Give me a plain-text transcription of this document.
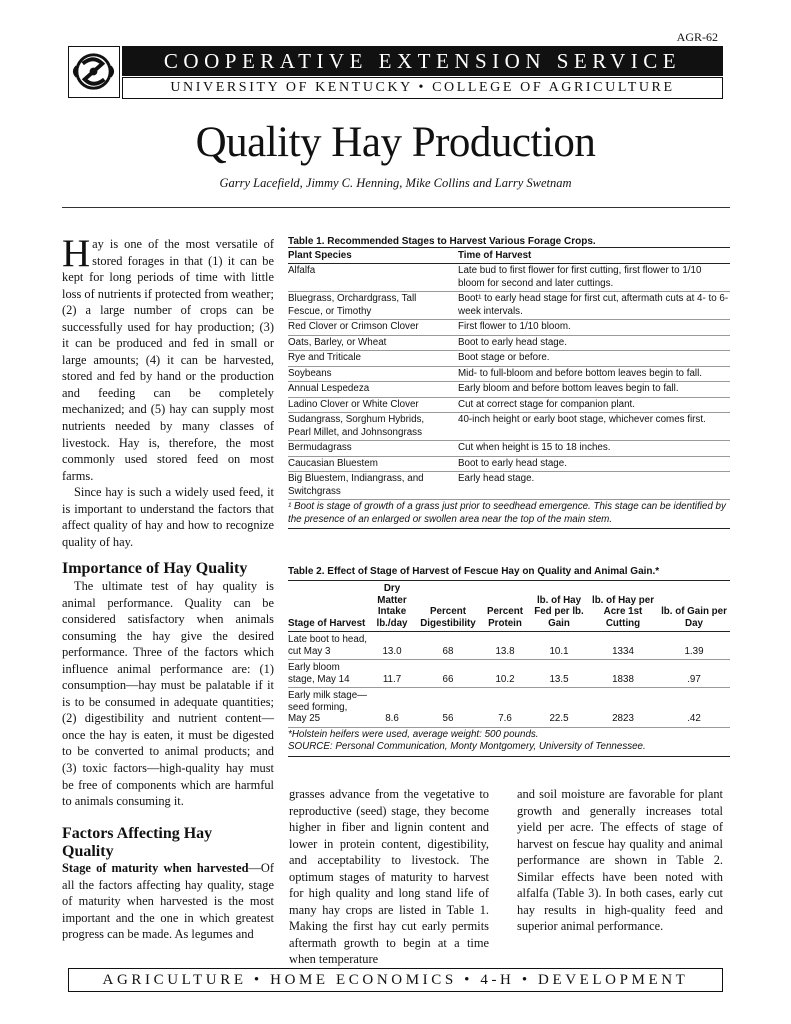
AGR-62
COOPERATIVE EXTENSION SERVICE
UNIVERSITY OF KENTUCKY • COLLEGE OF AGRICULTURE
Quality Hay Production
Garry Lacefield, Jimmy C. Henning, Mike Collins and Larry Swetnam

Hay is one of the most versatile of stored forages in that (1) it can be kept for long periods of time with little loss of nutrients if protected from weather; (2) a large number of crops can be successfully used for hay production; (3) it can be produced and fed in small or large amounts; (4) it can be harvested, stored and fed by hand or the production and feeding can be completely mechanized; and (5) hay can supply most nutrients needed by many classes of livestock. Hay is, therefore, the most commonly used stored feed on most farms.

Since hay is such a widely used feed, it is important to understand the factors that affect quality of hay and how to recognize quality of hay.

Importance of Hay Quality

The ultimate test of hay quality is animal performance. Quality can be considered satisfactory when animals consuming the hay give the desired performance. Three of the factors which influence animal performance are: (1) consumption—hay must be palatable if it is to be consumed in adequate quantities; (2) digestibility and nutrient content—once the hay is eaten, it must be digested to be converted to animal products; and (3) toxic factors—high-quality hay must be free of components which are harmful to animals consuming it.

Factors Affecting Hay Quality

Stage of maturity when harvested—Of all the factors affecting hay quality, stage of maturity when harvested is the most important and the one in which greatest progress can be made. As legumes and

Table 1. Recommended Stages to Harvest Various Forage Crops.
Plant Species	Time of Harvest
Alfalfa	Late bud to first flower for first cutting, first flower to 1/10 bloom for second and later cuttings.
Bluegrass, Orchardgrass, Tall Fescue, or Timothy	Boot¹ to early head stage for first cut, aftermath cuts at 4- to 6-week intervals.
Red Clover or Crimson Clover	First flower to 1/10 bloom.
Oats, Barley, or Wheat	Boot to early head stage.
Rye and Triticale	Boot stage or before.
Soybeans	Mid- to full-bloom and before bottom leaves begin to fall.
Annual Lespedeza	Early bloom and before bottom leaves begin to fall.
Ladino Clover or White Clover	Cut at correct stage for companion plant.
Sudangrass, Sorghum Hybrids, Pearl Millet, and Johnsongrass	40-inch height or early boot stage, whichever comes first.
Bermudagrass	Cut when height is 15 to 18 inches.
Caucasian Bluestem	Boot to early head stage.
Big Bluestem, Indiangrass, and Switchgrass	Early head stage.
¹ Boot is stage of growth of a grass just prior to seedhead emergence. This stage can be identified by the presence of an enlarged or swollen area near the top of the main stem.
Table 2. Effect of Stage of Harvest of Fescue Hay on Quality and Animal Gain.*
Stage of Harvest	Dry Matter Intake lb./day	Percent Digestibility	Percent Protein	lb. of Hay Fed per lb. Gain	lb. of Hay per Acre 1st Cutting	lb. of Gain per Day
Late boot to head, cut May 3	13.0	68	13.8	10.1	1334	1.39
Early bloom stage, May 14	11.7	66	10.2	13.5	1838	.97
Early milk stage—seed forming, May 25	8.6	56	7.6	22.5	2823	.42
*Holstein heifers were used, average weight: 500 pounds.
SOURCE: Personal Communication, Monty Montgomery, University of Tennessee.
grasses advance from the vegetative to reproductive (seed) stage, they become higher in fiber and lignin content and lower in protein content, digestibility, and acceptability to livestock. The optimum stages of maturity to harvest for high quality and long stand life of many hay crops are listed in Table 1. Making the first hay cut early permits aftermath growth to begin at a time when temperature
and soil moisture are favorable for plant growth and generally increases total yield per acre. The effects of stage of harvest on fescue hay quality and animal performance are shown in Table 2. Similar effects have been noted with alfalfa (Table 3). In both cases, early cut hay results in high-quality feed and superior animal performance.
AGRICULTURE • HOME ECONOMICS • 4-H • DEVELOPMENT
